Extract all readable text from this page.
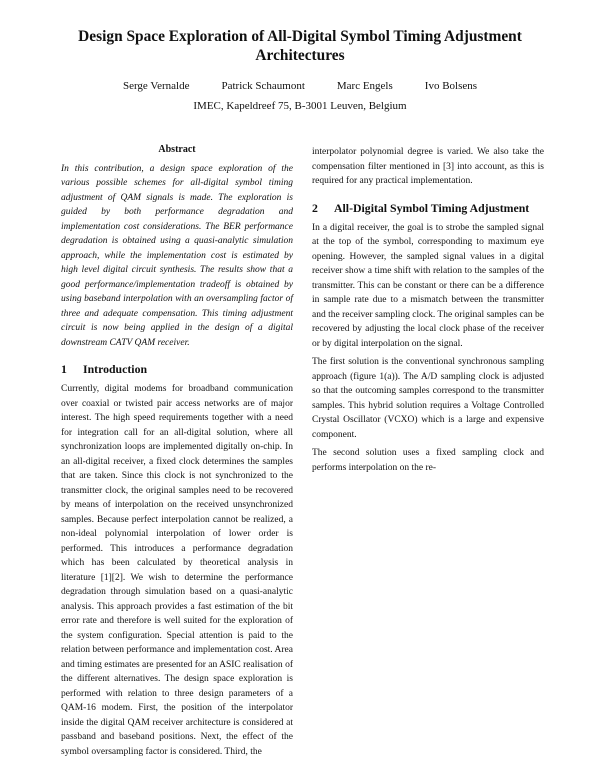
Design Space Exploration of All-Digital Symbol Timing Adjustment Architectures
Serge Vernalde	Patrick Schaumont	Marc Engels	Ivo Bolsens
IMEC, Kapeldreef 75, B-3001 Leuven, Belgium
Abstract

In this contribution, a design space exploration of the various possible schemes for all-digital symbol timing adjustment of QAM signals is made. The exploration is guided by both performance degradation and implementation cost considerations. The BER performance degradation is obtained using a quasi-analytic simulation approach, while the implementation cost is estimated by high level digital circuit synthesis. The results show that a good performance/implementation tradeoff is obtained by using baseband interpolation with an oversampling factor of three and adequate compensation. This timing adjustment circuit is now being applied in the design of a digital downstream CATV QAM receiver.

1	Introduction

Currently, digital modems for broadband communication over coaxial or twisted pair access networks are of major interest. The high speed requirements together with a need for integration call for an all-digital solution, where all synchronization loops are implemented digitally on-chip. In an all-digital receiver, a fixed clock determines the samples that are taken. Since this clock is not synchronized to the transmitter clock, the original samples need to be recovered by means of interpolation on the received unsynchronized samples. Because perfect interpolation cannot be realized, a non-ideal polynomial interpolation of lower order is performed. This introduces a performance degradation which has been calculated by theoretical analysis in literature [1][2]. We wish to determine the performance degradation through simulation based on a quasi-analytic analysis. This approach provides a fast estimation of the bit error rate and therefore is well suited for the exploration of the system configuration. Special attention is paid to the relation between performance and implementation cost. Area and timing estimates are presented for an ASIC realisation of the different alternatives. The design space exploration is performed with relation to three design parameters of a QAM-16 modem. First, the position of the interpolator inside the digital QAM receiver architecture is considered at passband and baseband positions. Next, the effect of the symbol oversampling factor is considered. Third, the

interpolator polynomial degree is varied. We also take the compensation filter mentioned in [3] into account, as this is required for any practical implementation.

2	All-Digital Symbol Timing Adjustment

In a digital receiver, the goal is to strobe the sampled signal at the top of the symbol, corresponding to maximum eye opening. However, the sampled signal values in a digital receiver show a time shift with relation to the samples of the transmitter. This can be constant or there can be a difference in sample rate due to a mismatch between the transmitter and the receiver sampling clock. The original samples can be recovered by adjusting the local clock phase of the receiver or by digital interpolation on the signal.

The first solution is the conventional synchronous sampling approach (figure 1(a)). The A/D sampling clock is adjusted so that the outcoming samples correspond to the transmitter samples. This hybrid solution requires a Voltage Controlled Crystal Oscillator (VCXO) which is a large and expensive component.

The second solution uses a fixed sampling clock and performs interpolation on the re-
